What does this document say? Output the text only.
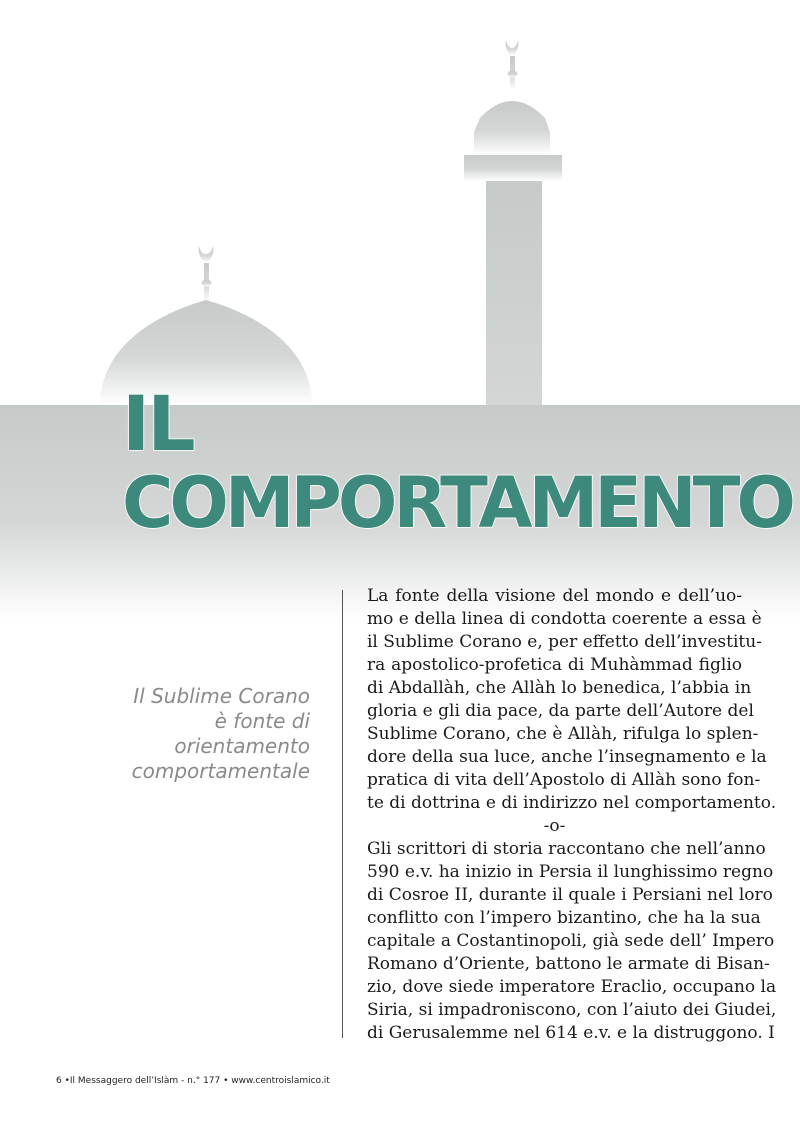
IL
COMPORTAMENTO
Il Sublime Corano
è fonte di
orientamento
comportamentale
La fonte della visione del mondo e dell’uo-
mo e della linea di condotta coerente a essa è
il Sublime Corano e, per effetto dell’investitu-
ra apostolico-profetica di Muhàmmad figlio
di Abdallàh, che Allàh lo benedica, l’abbia in
gloria e gli dia pace, da parte dell’Autore del
Sublime Corano, che è Allàh, rifulga lo splen-
dore della sua luce, anche l’insegnamento e la
pratica di vita dell’Apostolo di Allàh sono fon-
te di dottrina e di indirizzo nel comportamento.
-o-
Gli scrittori di storia raccontano che nell’anno
590 e.v. ha inizio in Persia il lunghissimo regno
di Cosroe II, durante il quale i Persiani nel loro
conflitto con l’impero bizantino, che ha la sua
capitale a Costantinopoli, già sede dell’ Impero
Romano d’Oriente, battono le armate di Bisan-
zio, dove siede imperatore Eraclio, occupano la
Siria, si impadroniscono, con l’aiuto dei Giudei,
di Gerusalemme nel 614 e.v. e la distruggono. I
6 •Il Messaggero dell’Islàm - n.° 177 • www.centroislamico.it
